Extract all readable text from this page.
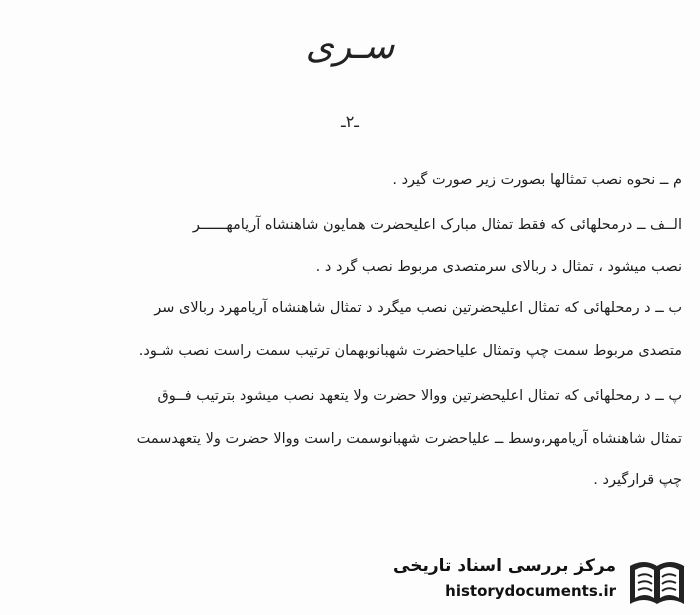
سـرى
ـ۲ـ
م ــ نحوه نصب تمثالها بصورت زیر صورت گیرد .
الــف ــ درمحلهائی که فقط تمثال مبارک اعلیحضرت همایون شاهنشاه آریامهــــــر
نصب میشود ، تمثال د ربالای سرمتصدی مربوط نصب گرد د .
ب ــ د رمحلهائی که تمثال اعلیحضرتین نصب میگرد د تمثال شاهنشاه آریامهرد ربالای سر
متصدی مربوط سمت چپ وتمثال علیاحضرت شهبانوبهمان ترتیب سمت راست نصب شـود.
پ ــ د رمحلهائی که تمثال اعلیحضرتین ووالا حضرت ولا یتعهد نصب میشود بترتیب فــوق
تمثال شاهنشاه آریامهر،وسط ــ علیاحضرت شهبانوسمت راست ووالا حضرت ولا یتعهدسمت
چپ قرارگیرد .
مرکز بررسی اسناد تاریخی
historydocuments.ir
